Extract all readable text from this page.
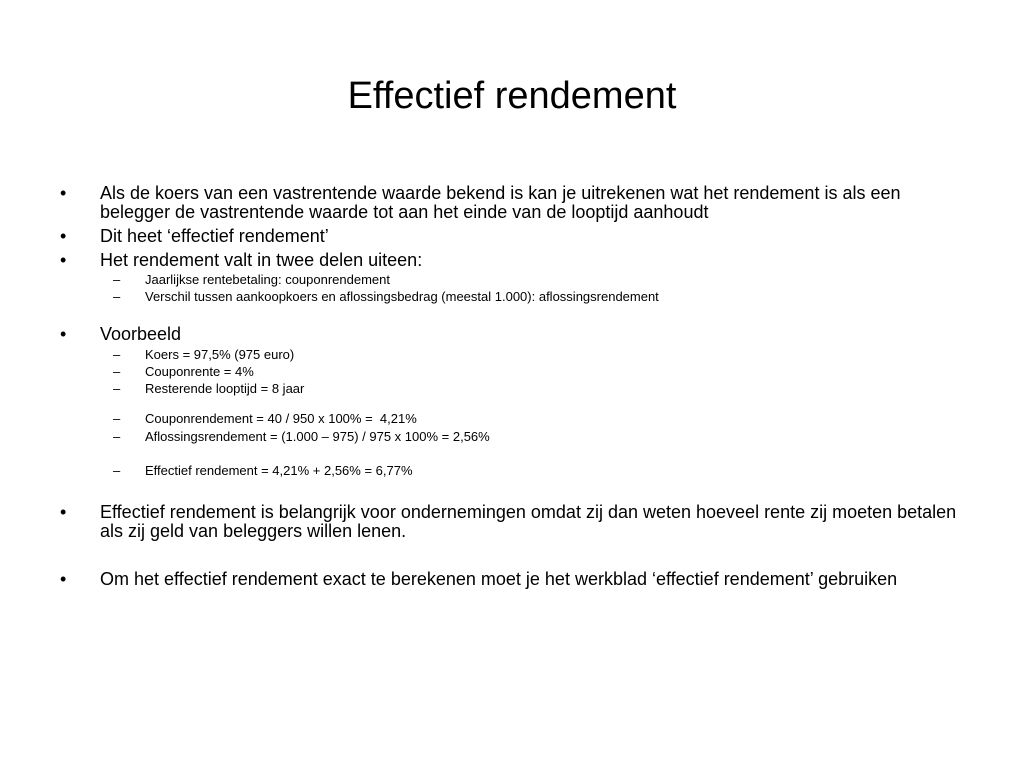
Effectief rendement
• Als de koers van een vastrentende waarde bekend is kan je uitrekenen wat het rendement is als een belegger de vastrentende waarde tot aan het einde van de looptijd aanhoudt
• Dit heet ‘effectief rendement’
• Het rendement valt in twee delen uiteen:
– Jaarlijkse rentebetaling: couponrendement
– Verschil tussen aankoopkoers en aflossingsbedrag (meestal 1.000): aflossingsrendement
• Voorbeeld
– Koers = 97,5% (975 euro)
– Couponrente = 4%
– Resterende looptijd = 8 jaar
– Couponrendement = 40 / 950 x 100% =  4,21%
– Aflossingsrendement = (1.000 – 975) / 975 x 100% = 2,56%
– Effectief rendement = 4,21% + 2,56% = 6,77%
• Effectief rendement is belangrijk voor ondernemingen omdat zij dan weten hoeveel rente zij moeten betalen als zij geld van beleggers willen lenen.
• Om het effectief rendement exact te berekenen moet je het werkblad ‘effectief rendement’ gebruiken
